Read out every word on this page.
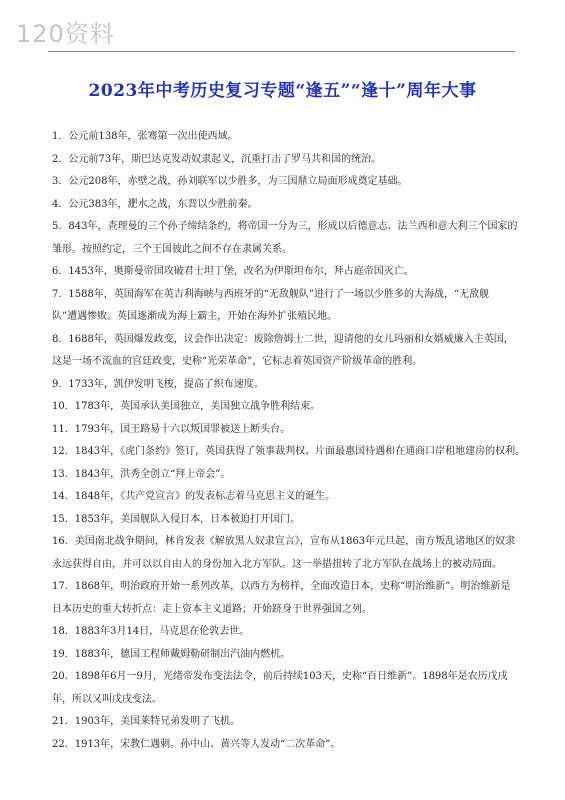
120资料
2023年中考历史复习专题“逢五”“逢十”周年大事
1．公元前138年，张骞第一次出使西域。
2．公元前73年，斯巴达克发动奴隶起义，沉重打击了罗马共和国的统治。
3．公元208年，赤壁之战，孙刘联军以少胜多，为三国鼎立局面形成奠定基础。
4．公元383年，淝水之战，东晋以少胜前秦。
5．843年，查理曼的三个孙子缔结条约，将帝国一分为三，形成以后德意志、法兰西和意大利三个国家的
雏形。按照约定，三个王国彼此之间不存在隶属关系。
6．1453年，奥斯曼帝国攻破君士坦丁堡，改名为伊斯坦布尔，拜占庭帝国灭亡。
7．1588年，英国海军在英吉利海峡与西班牙的“无敌舰队”进行了一场以少胜多的大海战，“无敌舰
队”遭遇惨败。英国逐渐成为海上霸主，开始在海外扩张殖民地。
8．1688年，英国爆发政变，议会作出决定：废除詹姆士二世，迎请他的女儿玛丽和女婿威廉入主英国，
这是一场不流血的宫廷政变，史称“光荣革命”，它标志着英国资产阶级革命的胜利。
9．1733年，凯伊发明飞梭，提高了织布速度。
10．1783年，英国承认美国独立，美国独立战争胜利结束。
11．1793年，国王路易十六以叛国罪被送上断头台。
12．1843年，《虎门条约》签订，英国获得了领事裁判权、片面最惠国待遇和在通商口岸租地建房的权利。
13．1843年，洪秀全创立“拜上帝会”。
14．1848年，《共产党宣言》的发表标志着马克思主义的诞生。
15．1853年，美国舰队入侵日本，日本被迫打开国门。
16．美国南北战争期间，林肯发表《解放黑人奴隶宣言》，宣布从1863年元旦起，南方叛乱诸地区的奴隶
永远获得自由，并可以以自由人的身份加入北方军队。这一举措扭转了北方军队在战场上的被动局面。
17．1868年，明治政府开始一系列改革，以西方为榜样，全面改造日本，史称“明治维新”。明治维新是
日本历史的重大转折点：走上资本主义道路；开始跻身于世界强国之列。
18．1883年3月14日，马克思在伦敦去世。
19．1883年，德国工程师戴姆勒研制出汽油内燃机。
20．1898年6月一9月，光绪帝发布变法法令，前后持续103天，史称“百日维新”。1898年是农历戊戌
年，所以又叫戊戌变法。
21．1903年，美国莱特兄弟发明了飞机。
22．1913年，宋教仁遇刺。孙中山、黄兴等人发动“二次革命”。
